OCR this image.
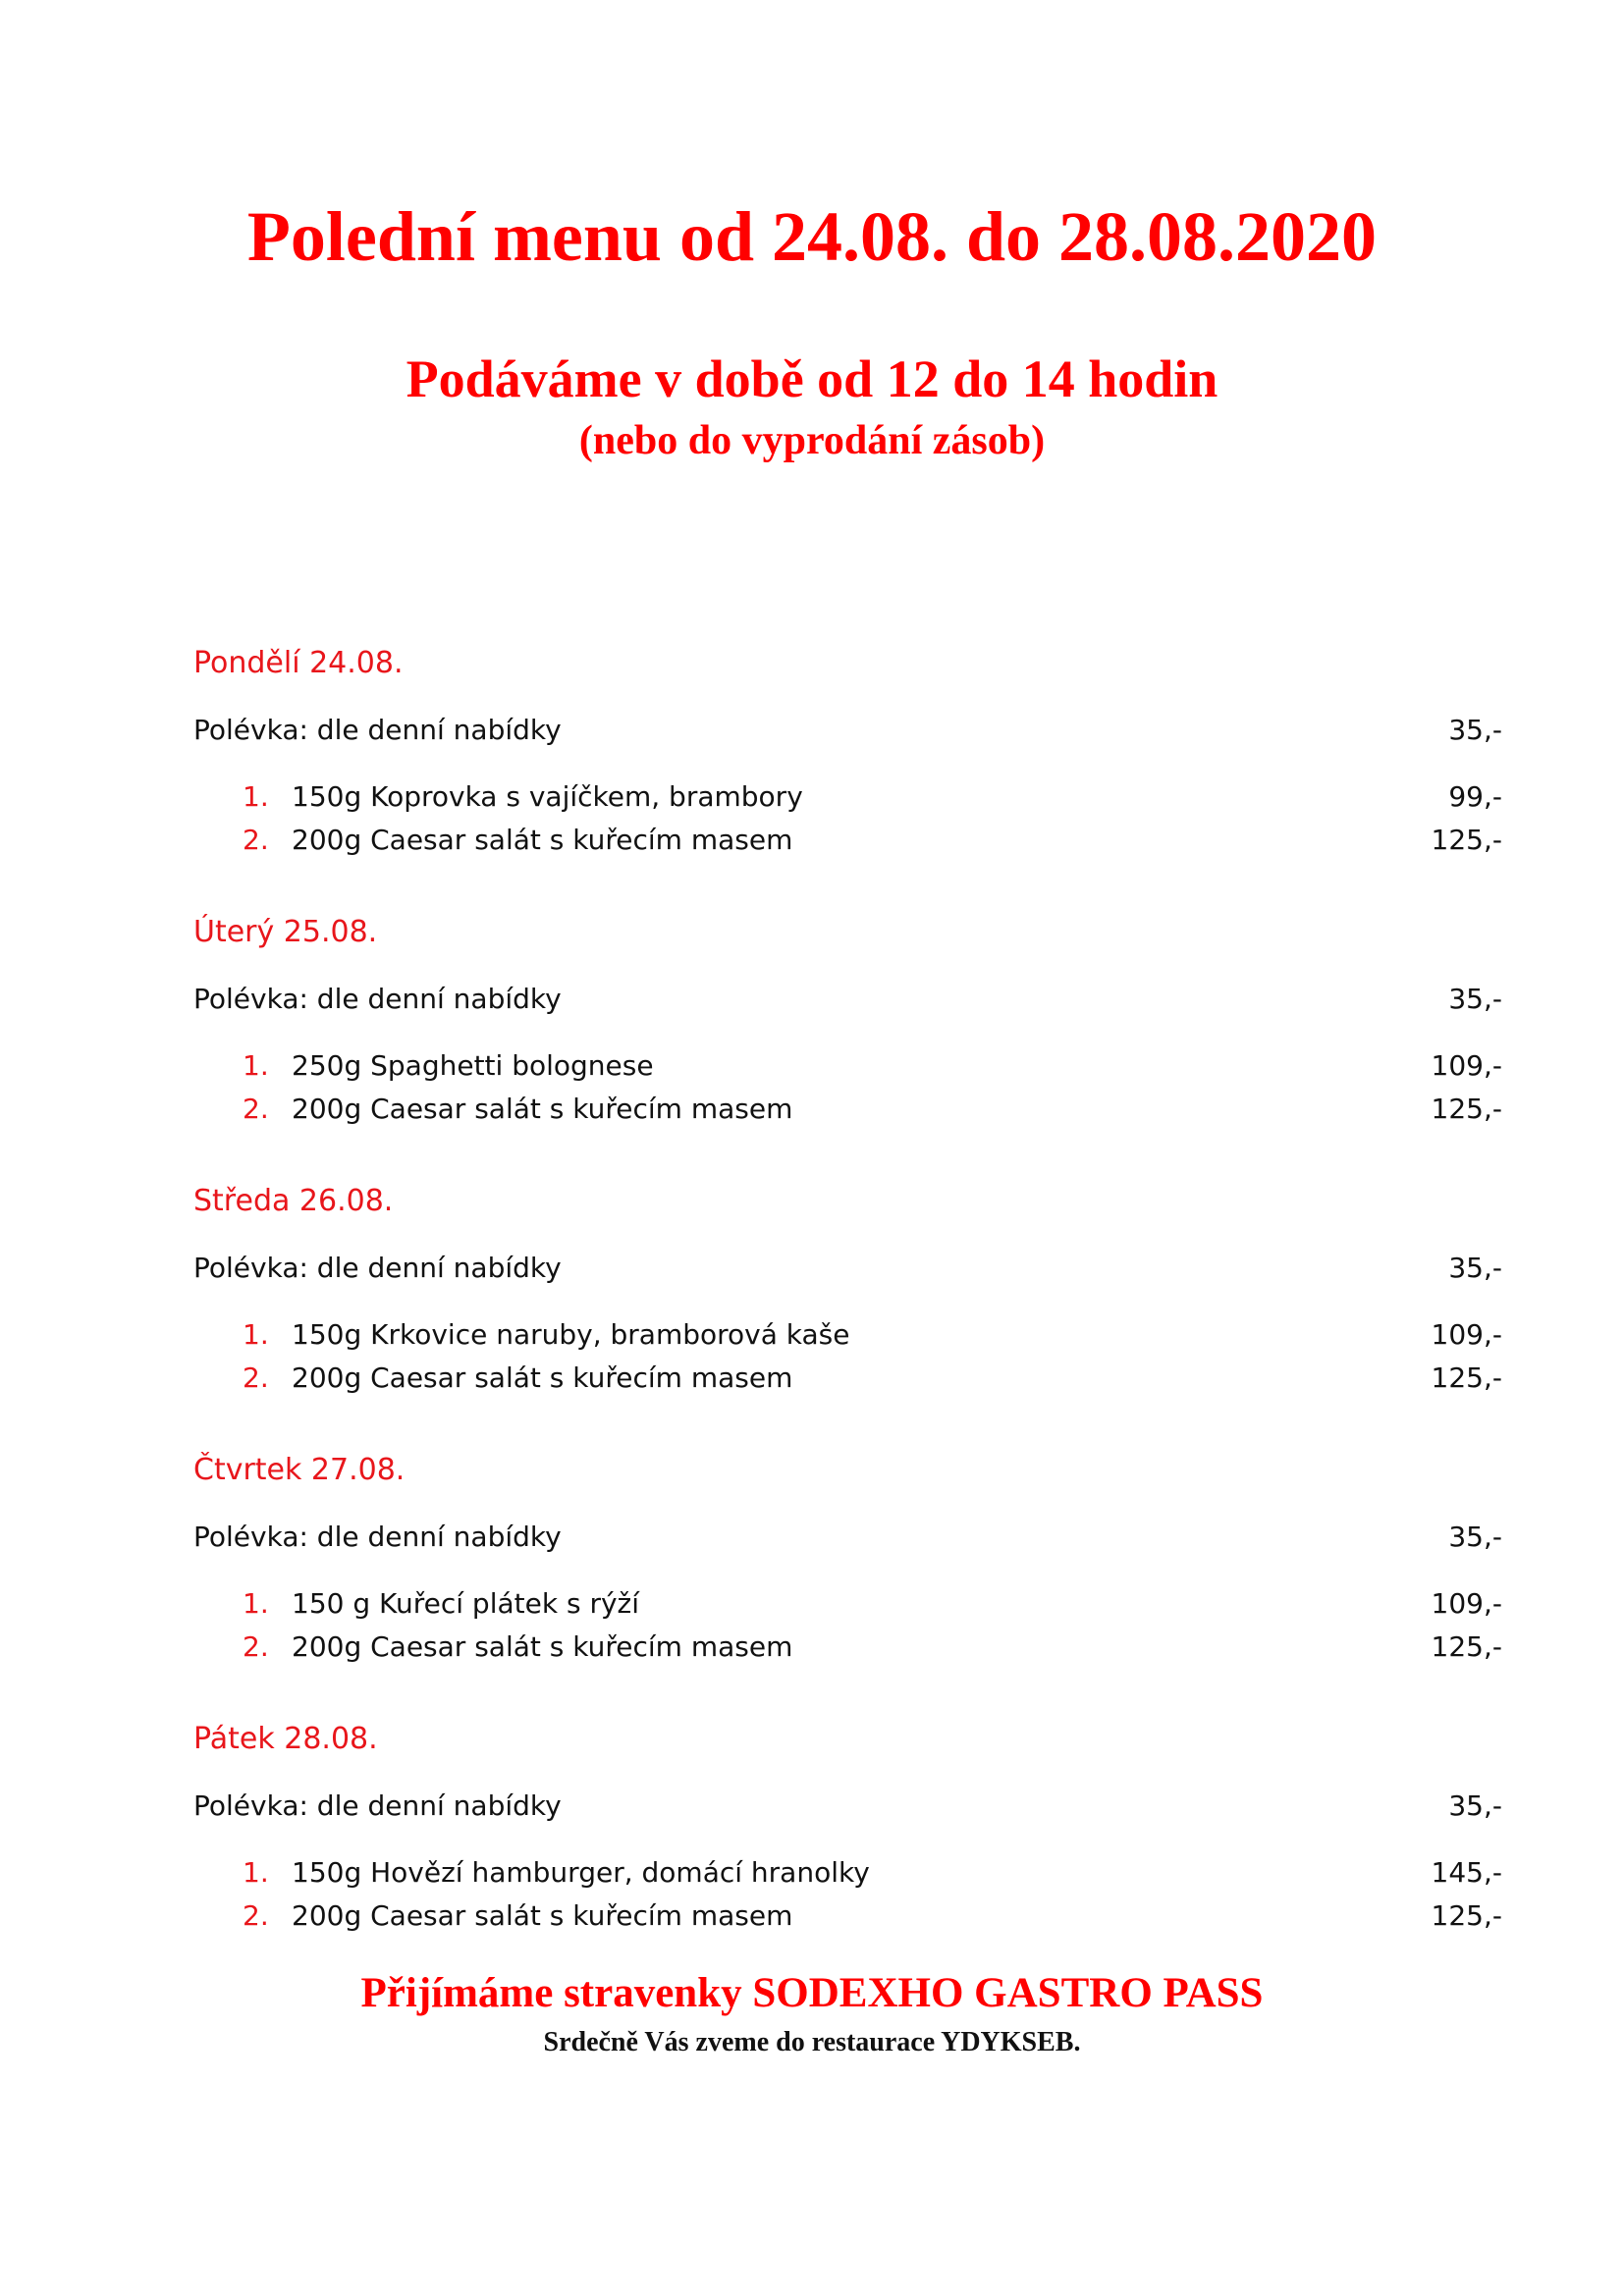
Polední menu od 24.08. do 28.08.2020
Podáváme v době od 12 do 14 hodin
(nebo do vyprodání zásob)
Pondělí 24.08.
Polévka: dle denní nabídky	35,-
1. 150g Koprovka s vajíčkem, brambory	99,-
2. 200g Caesar salát s kuřecím masem	125,-
Úterý 25.08.
Polévka: dle denní nabídky	35,-
1. 250g Spaghetti bolognese	109,-
2. 200g Caesar salát s kuřecím masem	125,-
Středa 26.08.
Polévka: dle denní nabídky	35,-
1. 150g Krkovice naruby, bramborová kaše	109,-
2. 200g Caesar salát s kuřecím masem	125,-
Čtvrtek 27.08.
Polévka: dle denní nabídky	35,-
1. 150 g Kuřecí plátek s rýží	109,-
2. 200g Caesar salát s kuřecím masem	125,-
Pátek 28.08.
Polévka: dle denní nabídky	35,-
1. 150g Hovězí hamburger, domácí hranolky	145,-
2. 200g Caesar salát s kuřecím masem	125,-
Přijímáme stravenky SODEXHO GASTRO PASS
Srdečně Vás zveme do restaurace YDYKSEB.
